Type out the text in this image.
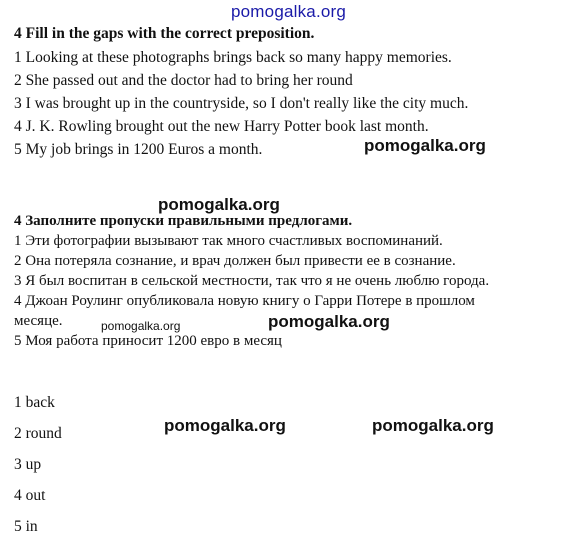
pomogalka.org
pomogalka.org
pomogalka.org
pomogalka.org	pomogalka.org
pomogalka.org	pomogalka.org
4 Fill in the gaps with the correct preposition.
1 Looking at these photographs brings back so many happy memories.
2 She passed out and the doctor had to bring her round
3 I was brought up in the countryside, so I don't really like the city much.
4 J. K. Rowling brought out the new Harry Potter book last month.
5 My job brings in 1200 Euros a month.
4 Заполните пропуски правильными предлогами.
1 Эти фотографии вызывают так много счастливых воспоминаний.
2 Она потеряла сознание, и врач должен был привести ее в сознание.
3 Я был воспитан в сельской местности, так что я не очень люблю города.
4 Джоан Роулинг опубликовала новую книгу о Гарри Потере в прошлом
месяце.
5 Моя работа приносит 1200 евро в месяц
1 back
2 round
3 up
4 out
5 in
